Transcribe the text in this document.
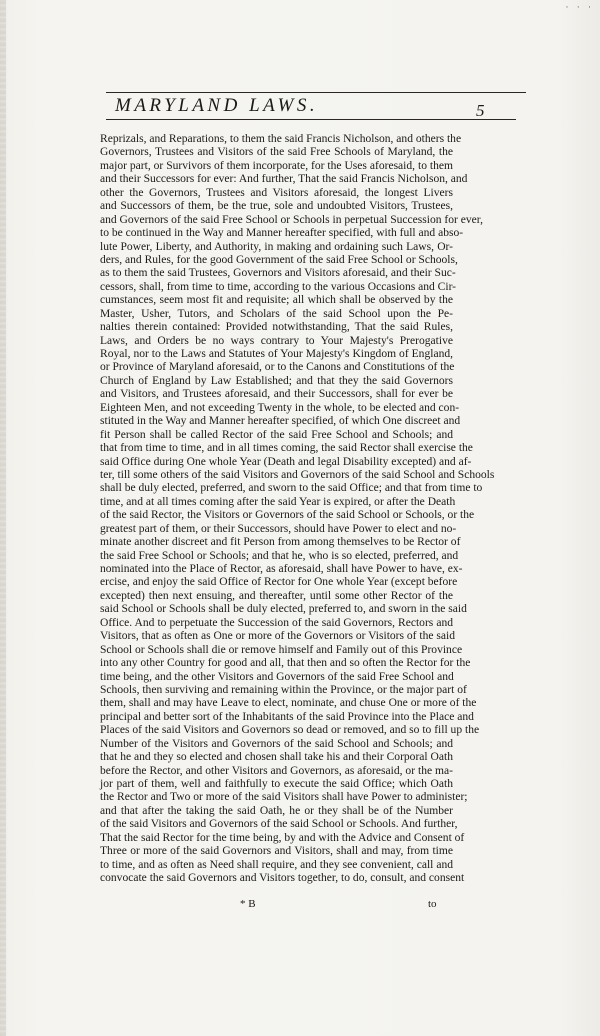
· · ·
MARYLAND LAWS.	5
Reprizals, and Reparations, to them the said Francis Nicholson, and others the
Governors, Trustees and Visitors of the said Free Schools of Maryland, the
major part, or Survivors of them incorporate, for the Uses aforesaid, to them
and their Successors for ever: And further, That the said Francis Nicholson, and
other the Governors, Trustees and Visitors aforesaid, the longest Livers
and Successors of them, be the true, sole and undoubted Visitors, Trustees,
and Governors of the said Free School or Schools in perpetual Succession for ever,
to be continued in the Way and Manner hereafter specified, with full and abso-
lute Power, Liberty, and Authority, in making and ordaining such Laws, Or-
ders, and Rules, for the good Government of the said Free School or Schools,
as to them the said Trustees, Governors and Visitors aforesaid, and their Suc-
cessors, shall, from time to time, according to the various Occasions and Cir-
cumstances, seem most fit and requisite; all which shall be observed by the
Master, Usher, Tutors, and Scholars of the said School upon the Pe-
nalties therein contained: Provided notwithstanding, That the said Rules,
Laws, and Orders be no ways contrary to Your Majesty's Prerogative
Royal, nor to the Laws and Statutes of Your Majesty's Kingdom of England,
or Province of Maryland aforesaid, or to the Canons and Constitutions of the
Church of England by Law Established; and that they the said Governors
and Visitors, and Trustees aforesaid, and their Successors, shall for ever be
Eighteen Men, and not exceeding Twenty in the whole, to be elected and con-
stituted in the Way and Manner hereafter specified, of which One discreet and
fit Person shall be called Rector of the said Free School and Schools; and
that from time to time, and in all times coming, the said Rector shall exercise the
said Office during One whole Year (Death and legal Disability excepted) and af-
ter, till some others of the said Visitors and Governors of the said School and Schools
shall be duly elected, preferred, and sworn to the said Office; and that from time to
time, and at all times coming after the said Year is expired, or after the Death
of the said Rector, the Visitors or Governors of the said School or Schools, or the
greatest part of them, or their Successors, should have Power to elect and no-
minate another discreet and fit Person from among themselves to be Rector of
the said Free School or Schools; and that he, who is so elected, preferred, and
nominated into the Place of Rector, as aforesaid, shall have Power to have, ex-
ercise, and enjoy the said Office of Rector for One whole Year (except before
excepted) then next ensuing, and thereafter, until some other Rector of the
said School or Schools shall be duly elected, preferred to, and sworn in the said
Office. And to perpetuate the Succession of the said Governors, Rectors and
Visitors, that as often as One or more of the Governors or Visitors of the said
School or Schools shall die or remove himself and Family out of this Province
into any other Country for good and all, that then and so often the Rector for the
time being, and the other Visitors and Governors of the said Free School and
Schools, then surviving and remaining within the Province, or the major part of
them, shall and may have Leave to elect, nominate, and chuse One or more of the
principal and better sort of the Inhabitants of the said Province into the Place and
Places of the said Visitors and Governors so dead or removed, and so to fill up the
Number of the Visitors and Governors of the said School and Schools; and
that he and they so elected and chosen shall take his and their Corporal Oath
before the Rector, and other Visitors and Governors, as aforesaid, or the ma-
jor part of them, well and faithfully to execute the said Office; which Oath
the Rector and Two or more of the said Visitors shall have Power to administer;
and that after the taking the said Oath, he or they shall be of the Number
of the said Visitors and Governors of the said School or Schools. And further,
That the said Rector for the time being, by and with the Advice and Consent of
Three or more of the said Governors and Visitors, shall and may, from time
to time, and as often as Need shall require, and they see convenient, call and
convocate the said Governors and Visitors together, to do, consult, and consent
* B	to
